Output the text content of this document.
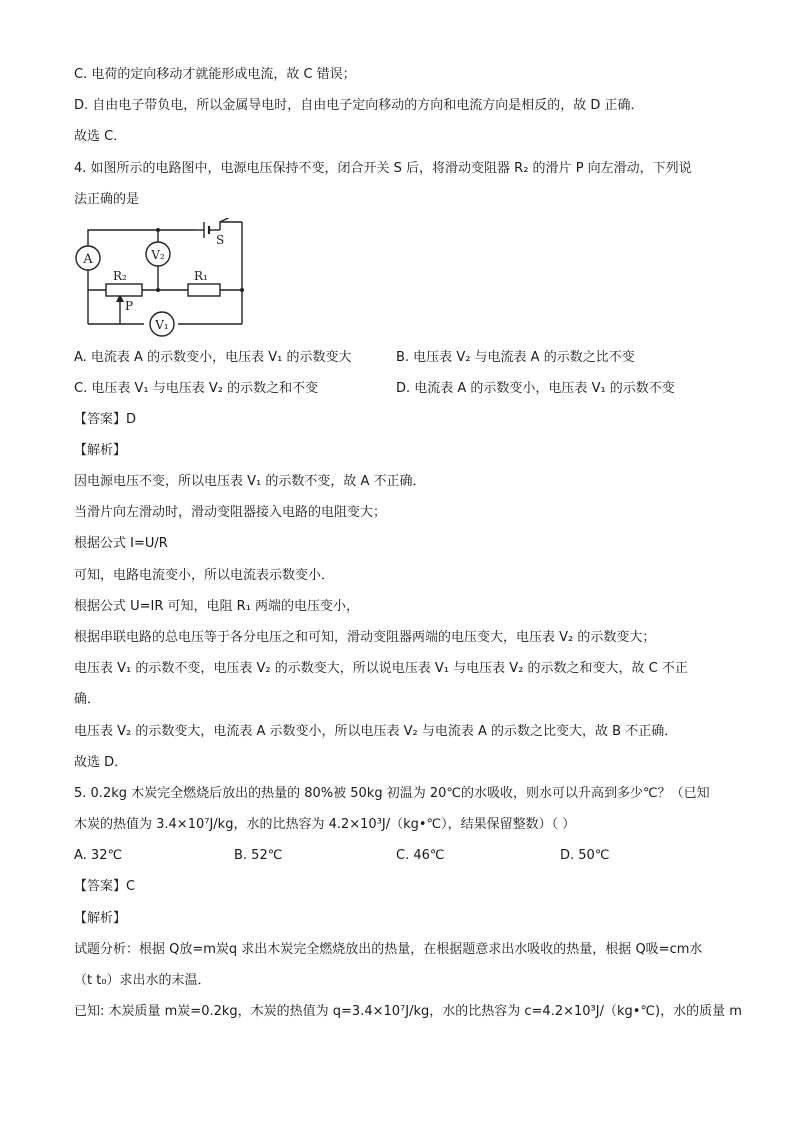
C. 电荷的定向移动才就能形成电流，故 C 错误；
D. 自由电子带负电，所以金属导电时，自由电子定向移动的方向和电流方向是相反的，故 D 正确．
故选 C．
4. 如图所示的电路图中，电源电压保持不变，闭合开关 S 后，将滑动变阻器 R₂ 的滑片 P 向左滑动，下列说
法正确的是
A	V₂
V₁
S
R₂	R₁
P
A. 电流表 A 的示数变小，电压表 V₁ 的示数变大	B. 电压表 V₂ 与电流表 A 的示数之比不变
C. 电压表 V₁ 与电压表 V₂ 的示数之和不变	D. 电流表 A 的示数变小，电压表 V₁ 的示数不变
【答案】D
【解析】
因电源电压不变，所以电压表 V₁ 的示数不变，故 A 不正确．
当滑片向左滑动时，滑动变阻器接入电路的电阻变大；
根据公式 I=U/R
可知，电路电流变小，所以电流表示数变小．
根据公式 U=IR 可知，电阻 R₁ 两端的电压变小，
根据串联电路的总电压等于各分电压之和可知，滑动变阻器两端的电压变大，电压表 V₂ 的示数变大；
电压表 V₁ 的示数不变，电压表 V₂ 的示数变大，所以说电压表 V₁ 与电压表 V₂ 的示数之和变大，故 C 不正
确．
电压表 V₂ 的示数变大，电流表 A 示数变小，所以电压表 V₂ 与电流表 A 的示数之比变大，故 B 不正确．
故选 D．
5. 0.2kg 木炭完全燃烧后放出的热量的 80%被 50kg 初温为 20℃的水吸收，则水可以升高到多少℃？（已知
木炭的热值为 3.4×10⁷J/kg，水的比热容为 4.2×10³J/（kg•℃），结果保留整数）（ ）
A. 32℃	B. 52℃	C. 46℃	D. 50℃
【答案】C
【解析】
试题分析：根据 Q放=m炭q 求出木炭完全燃烧放出的热量，在根据题意求出水吸收的热量，根据 Q吸=cm水
（t t₀）求出水的末温．
已知: 木炭质量 m炭=0.2kg，木炭的热值为 q=3.4×10⁷J/kg，水的比热容为 c=4.2×10³J/（kg•℃)，水的质量 m
